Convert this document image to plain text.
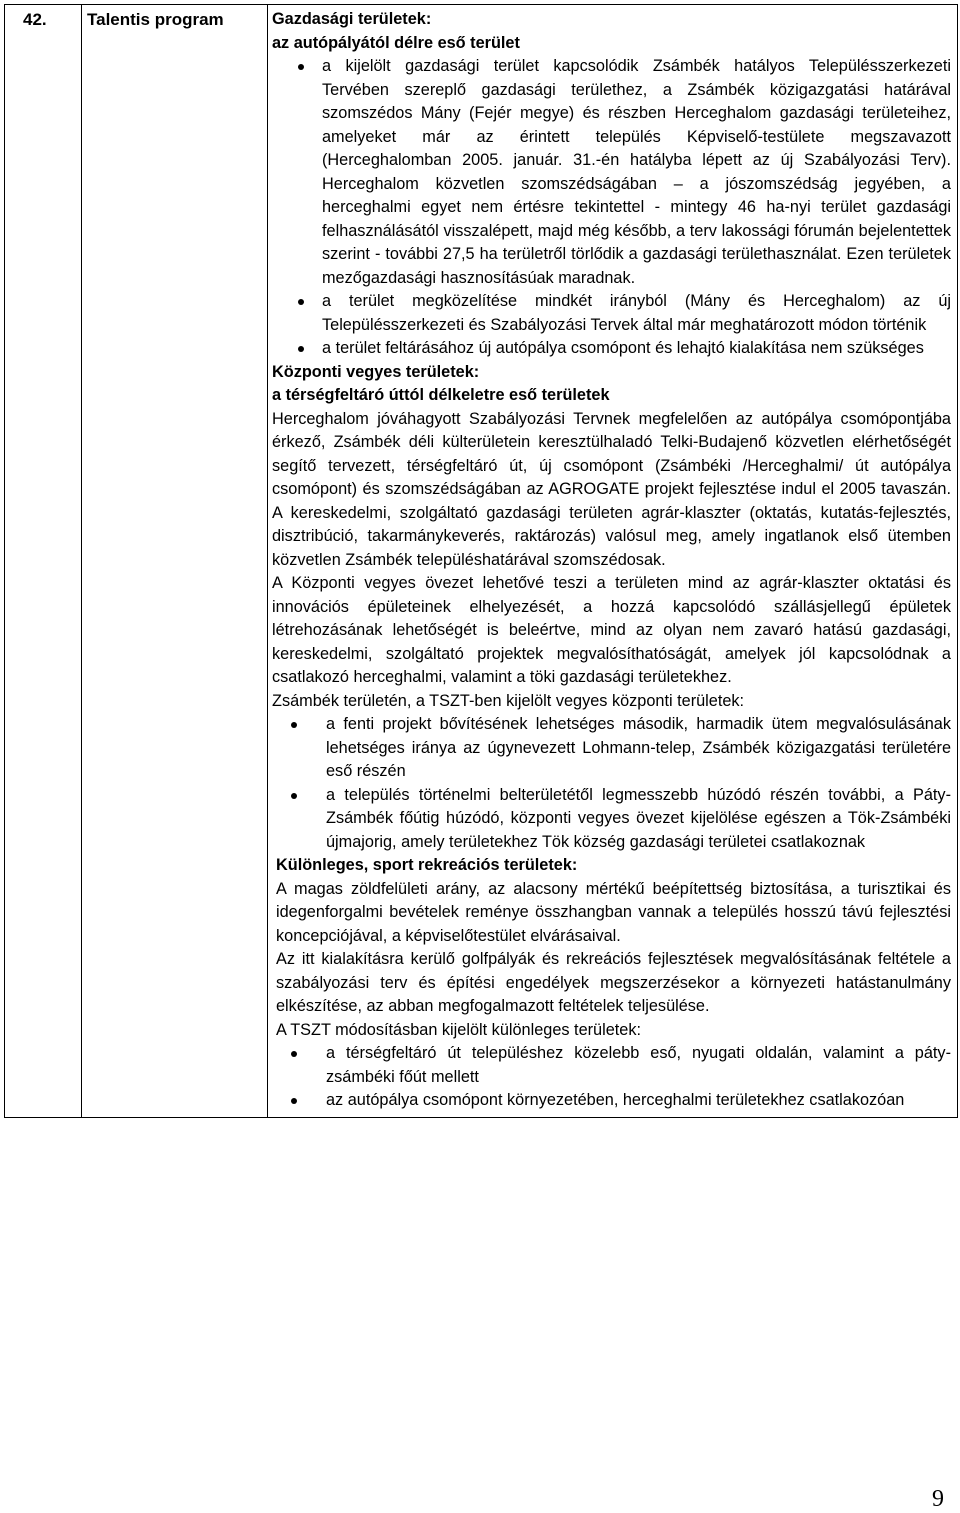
42.	Talentis program	Gazdasági területek:
az autópályától délre eső terület
a kijelölt gazdasági terület kapcsolódik Zsámbék hatályos Településszerkezeti Tervében szereplő gazdasági területhez, a Zsámbék közigazgatási határával szomszédos Mány (Fejér megye) és részben Herceghalom gazdasági területeihez, amelyeket már az érintett település Képviselő-testülete megszavazott (Herceghalomban 2005. január. 31.-én hatályba lépett az új Szabályozási Terv). Herceghalom közvetlen szomszédságában – a jószomszédság jegyében, a herceghalmi egyet nem értésre tekintettel - mintegy 46 ha-nyi terület gazdasági felhasználásától visszalépett, majd még később, a terv lakossági fórumán bejelentettek szerint - további 27,5 ha területről törlődik a gazdasági területhasználat. Ezen területek mezőgazdasági hasznosításúak maradnak.
a terület megközelítése mindkét irányból (Mány és Herceghalom) az új Településszerkezeti és Szabályozási Tervek által már meghatározott módon történik
a terület feltárásához új autópálya csomópont és lehajtó kialakítása nem szükséges
Központi vegyes területek:
a térségfeltáró úttól délkeletre eső területek
Herceghalom jóváhagyott Szabályozási Tervnek megfelelően az autópálya csomópontjába érkező, Zsámbék déli külterületein keresztülhaladó Telki-Budajenő közvetlen elérhetőségét segítő tervezett, térségfeltáró út, új csomópont (Zsámbéki /Herceghalmi/ út autópálya csomópont) és szomszédságában az AGROGATE projekt fejlesztése indul el 2005 tavaszán. A kereskedelmi, szolgáltató gazdasági területen agrár-klaszter (oktatás, kutatás-fejlesztés, disztribúció, takarmánykeverés, raktározás) valósul meg, amely ingatlanok első ütemben közvetlen Zsámbék településhatárával szomszédosak.
A Központi vegyes övezet lehetővé teszi a területen mind az agrár-klaszter oktatási és innovációs épületeinek elhelyezését, a hozzá kapcsolódó szállásjellegű épületek létrehozásának lehetőségét is beleértve, mind az olyan nem zavaró hatású gazdasági, kereskedelmi, szolgáltató projektek megvalósíthatóságát, amelyek jól kapcsolódnak a csatlakozó herceghalmi, valamint a töki gazdasági területekhez.
Zsámbék területén, a TSZT-ben kijelölt vegyes központi területek:
a fenti projekt bővítésének lehetséges második, harmadik ütem megvalósulásának lehetséges iránya az úgynevezett Lohmann-telep, Zsámbék közigazgatási területére eső részén
a település történelmi belterületétől legmesszebb húzódó részén további, a Páty-Zsámbék főútig húzódó, központi vegyes övezet kijelölése egészen a Tök-Zsámbéki újmajorig, amely területekhez Tök község gazdasági területei csatlakoznak
Különleges, sport rekreációs területek:
A magas zöldfelületi arány, az alacsony mértékű beépítettség biztosítása, a turisztikai és idegenforgalmi bevételek reménye összhangban vannak a település hosszú távú fejlesztési koncepciójával, a képviselőtestület elvárásaival.
Az itt kialakításra kerülő golfpályák és rekreációs fejlesztések megvalósításának feltétele a szabályozási terv és építési engedélyek megszerzésekor a környezeti hatástanulmány elkészítése, az abban megfogalmazott feltételek teljesülése.
A TSZT módosításban kijelölt különleges területek:
a térségfeltáró út településhez közelebb eső, nyugati oldalán, valamint a páty-zsámbéki főút mellett
az autópálya csomópont környezetében, herceghalmi területekhez csatlakozóan
9
